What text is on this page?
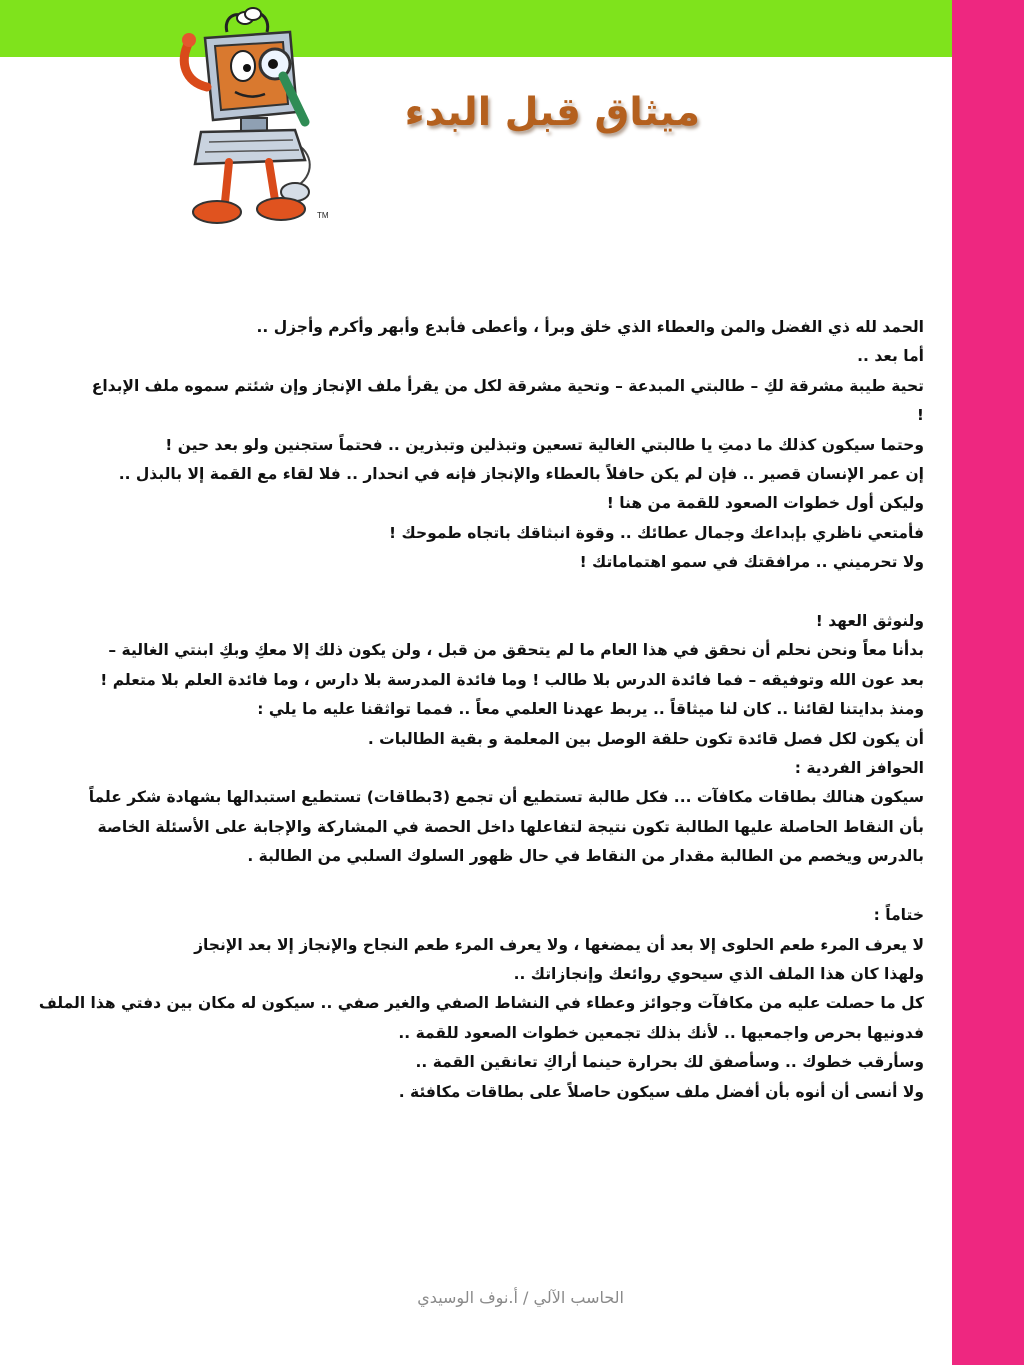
TM
ميثاق قبل البدء
الحمد لله ذي الفضل والمن والعطاء الذي خلق وبرأ ، وأعطى فأبدع وأبهر وأكرم وأجزل ..
أما بعد ..
تحية طيبة مشرقة لكِ – طالبتي المبدعة – وتحية مشرقة لكل من يقرأ ملف الإنجاز وإن شئتم سموه ملف الإبداع
!
وحتما سيكون كذلك ما دمتِ يا طالبتي الغالية تسعين وتبذلين وتبذرين .. فحتماً ستجنين ولو بعد حين !
إن عمر الإنسان قصير .. فإن لم يكن حافلاً بالعطاء والإنجاز فإنه في انحدار .. فلا لقاء مع القمة إلا بالبذل ..
وليكن أول خطوات الصعود للقمة من هنا !
فأمتعي ناظري بإبداعك وجمال عطائك .. وقوة انبثاقك باتجاه طموحك !
ولا تحرميني .. مرافقتك في سمو اهتماماتك !
ولنوثق العهد !
بدأنا معاً ونحن نحلم أن نحقق في هذا العام ما لم يتحقق من قبل ، ولن يكون ذلك إلا معكِ وبكِ ابنتي الغالية –
بعد عون الله وتوفيقه – فما فائدة الدرس بلا طالب ! وما فائدة المدرسة بلا دارس ، وما فائدة العلم بلا متعلم !
ومنذ بدايتنا لقائنا .. كان لنا ميثاقاً .. يربط عهدنا العلمي معاً .. فمما تواثقنا عليه ما يلي :
أن يكون لكل فصل قائدة تكون حلقة الوصل بين المعلمة و بقية الطالبات .
الحوافز الفردية :
سيكون هنالك بطاقات مكافآت ... فكل طالبة تستطيع أن تجمع (3بطاقات) تستطيع استبدالها بشهادة شكر علماً
بأن النقاط الحاصلة عليها الطالبة تكون نتيجة لتفاعلها داخل الحصة في المشاركة والإجابة على الأسئلة الخاصة
بالدرس ويخصم من الطالبة مقدار من النقاط في حال ظهور السلوك السلبي من الطالبة .
ختاماً :
لا يعرف المرء طعم الحلوى إلا بعد أن يمضغها ، ولا يعرف المرء طعم النجاح والإنجاز إلا بعد الإنجاز
ولهذا كان هذا الملف الذي سيحوي روائعك وإنجازاتك ..
كل ما حصلت عليه من مكافآت وجوائز وعطاء في النشاط الصفي والغير صفي .. سيكون له مكان بين دفتي هذا الملف
فدونيها بحرص واجمعيها .. لأنك بذلك تجمعين خطوات الصعود للقمة ..
وسأرقب خطوك .. وسأصفق لك بحرارة حينما أراكِ تعانقين القمة ..
ولا أنسى أن أنوه بأن أفضل ملف سيكون حاصلاً على بطاقات مكافئة .
الحاسب الآلي / أ.نوف الوسيدي
